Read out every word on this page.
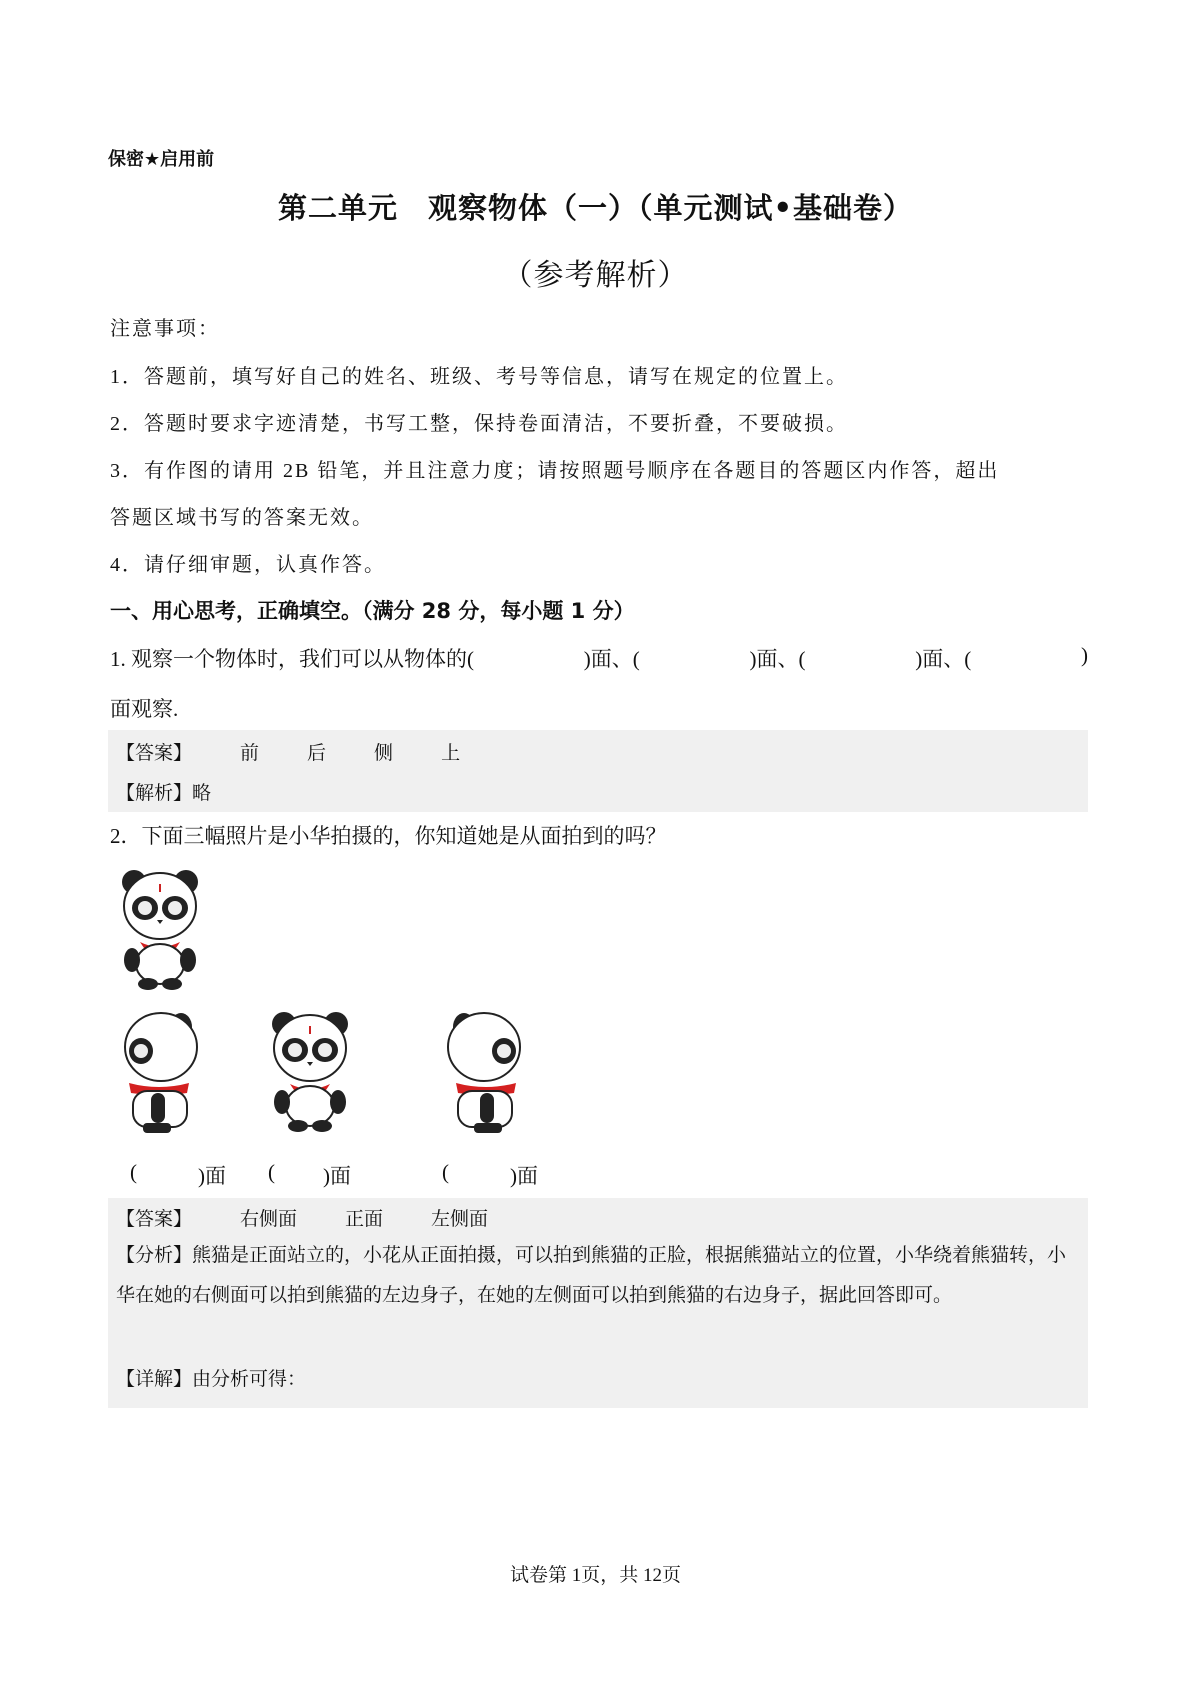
保密★启用前
第二单元　观察物体（一）（单元测试•基础卷）
（参考解析）
注意事项：
1．答题前，填写好自己的姓名、班级、考号等信息，请写在规定的位置上。
2．答题时要求字迹清楚，书写工整，保持卷面清洁，不要折叠，不要破损。
3．有作图的请用 2B 铅笔，并且注意力度；请按照题号顺序在各题目的答题区内作答，超出
答题区域书写的答案无效。
4．请仔细审题，认真作答。
一、用心思考，正确填空。（满分 28 分，每小题 1 分）
1. 观察一个物体时，我们可以从物体的(	)面、(	)面、(	)面、(	)
面观察.
【答案】	前	后	侧	上
【解析】略
2．下面三幅照片是小华拍摄的，你知道她是从面拍到的吗？
(	)面 ( )面	(	)面
【答案】	右侧面	正面	左侧面
【分析】熊猫是正面站立的，小花从正面拍摄，可以拍到熊猫的正脸，根据熊猫站立的位置，小华绕着熊猫转，小华在她的右侧面可以拍到熊猫的左边身子，在她的左侧面可以拍到熊猫的右边身子，据此回答即可。
【详解】由分析可得：
试卷第 1页，共 12页
